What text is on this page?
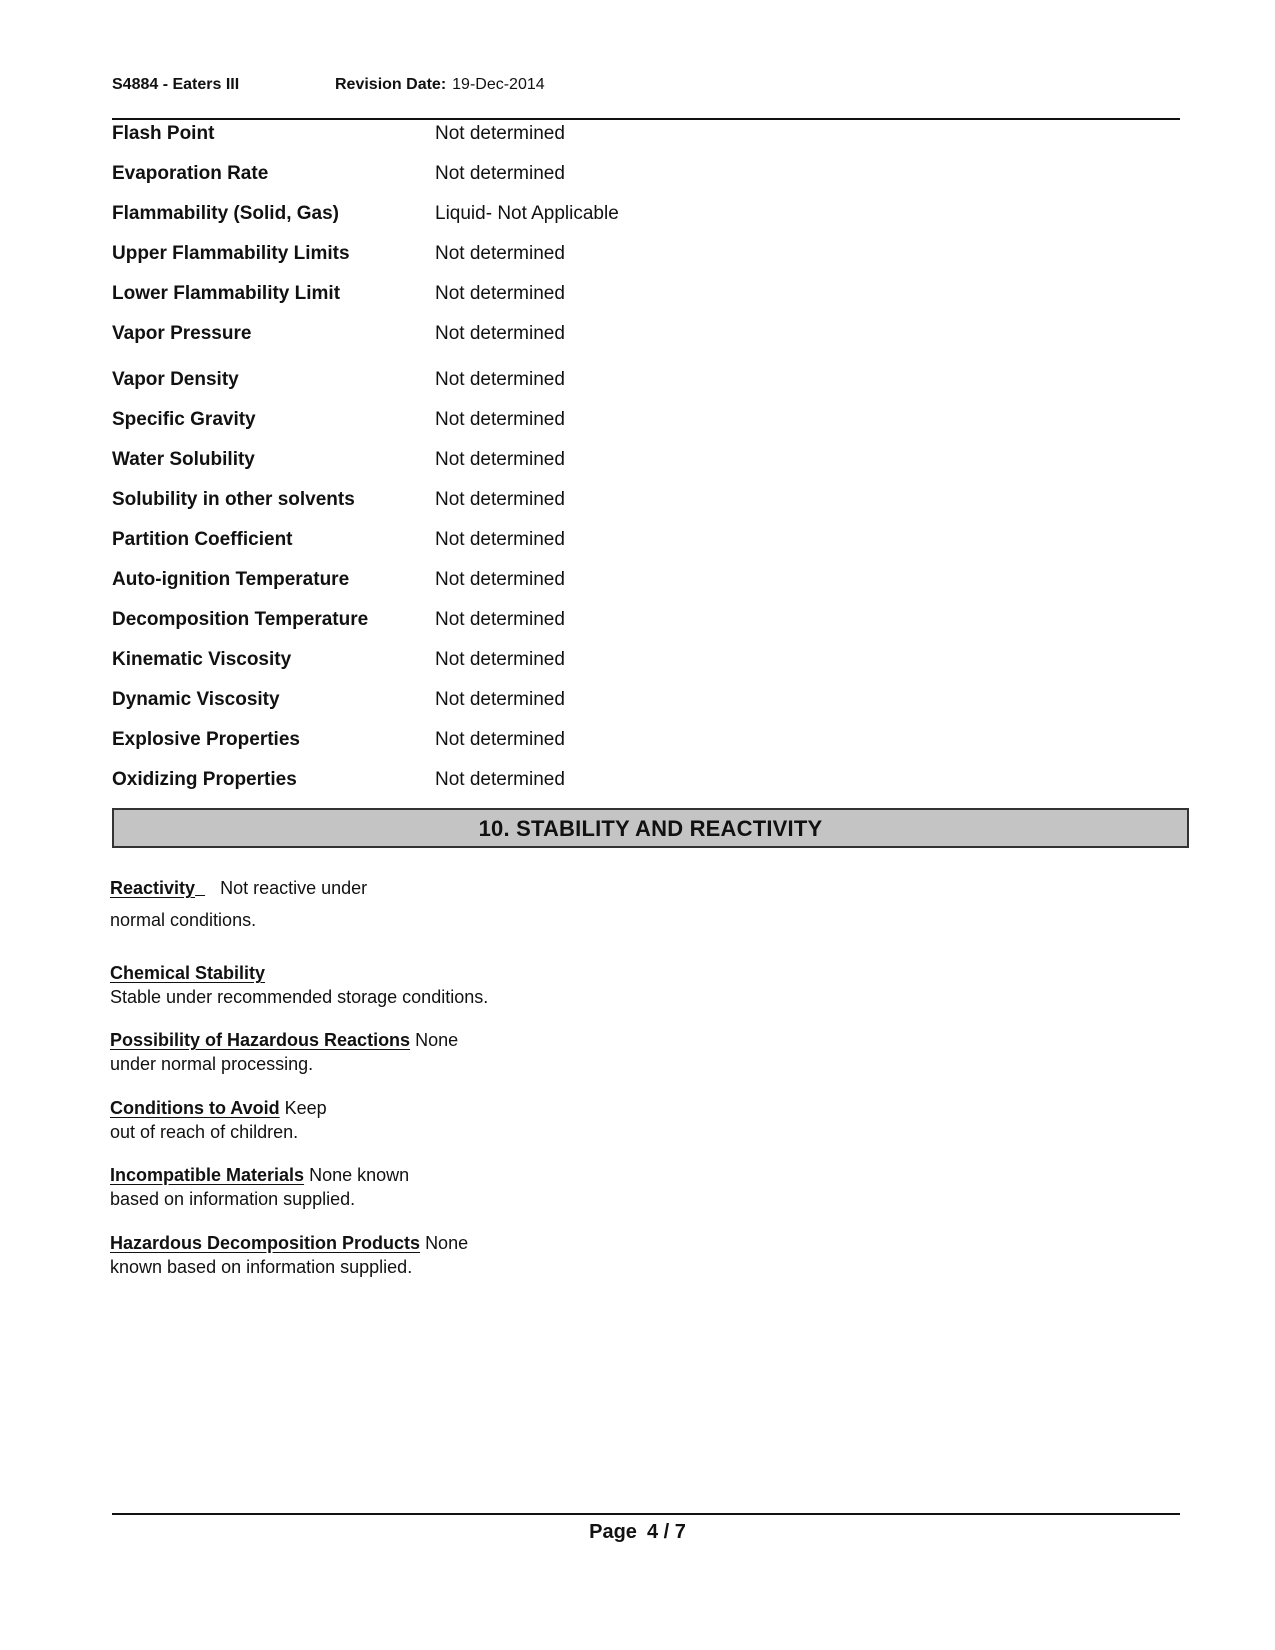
S4884 - Eaters III	Revision Date: 19-Dec-2014
Flash Point	Not determined
Evaporation Rate	Not determined
Flammability (Solid, Gas)	Liquid- Not Applicable
Upper Flammability Limits	Not determined
Lower Flammability Limit	Not determined
Vapor Pressure	Not determined
Vapor Density	Not determined
Specific Gravity	Not determined
Water Solubility	Not determined
Solubility in other solvents	Not determined
Partition Coefficient	Not determined
Auto-ignition Temperature	Not determined
Decomposition Temperature	Not determined
Kinematic Viscosity	Not determined
Dynamic Viscosity	Not determined
Explosive Properties	Not determined
Oxidizing Properties	Not determined
10. STABILITY AND REACTIVITY
Reactivity Not reactive under
normal conditions.
Chemical Stability
Stable under recommended storage conditions.
Possibility of Hazardous Reactions None
under normal processing.
Conditions to Avoid Keep
out of reach of children.
Incompatible Materials None known
based on information supplied.
Hazardous Decomposition Products None
known based on information supplied.
Page 4 / 7
